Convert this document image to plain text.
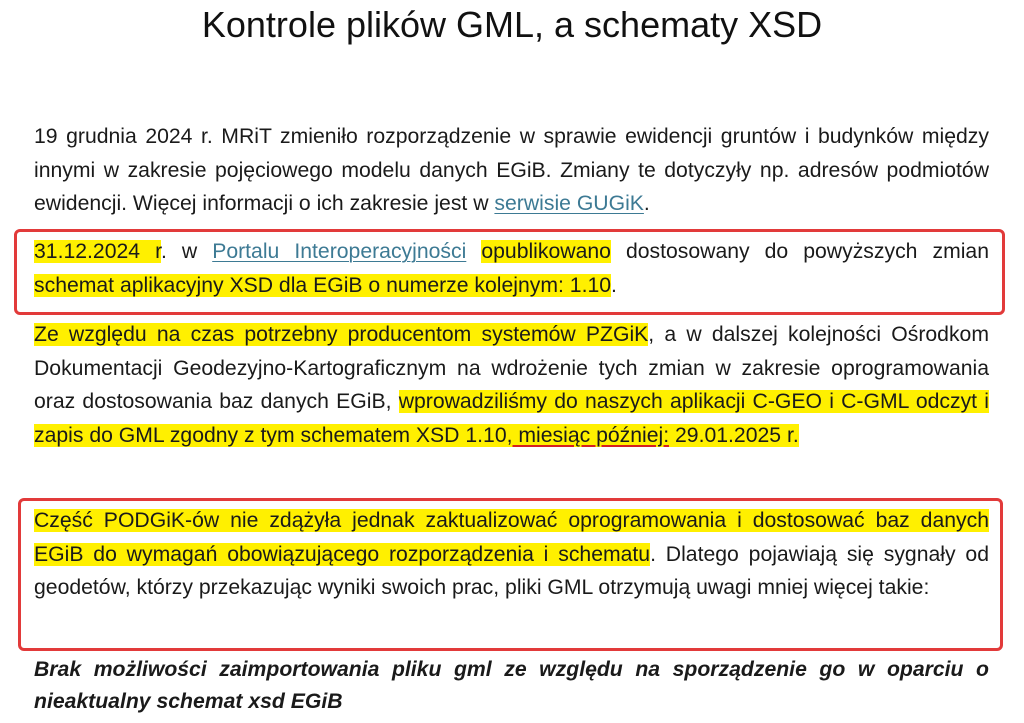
Kontrole plików GML, a schematy XSD

19 grudnia 2024 r. MRiT zmieniło rozporządzenie w sprawie ewidencji gruntów i budynków między innymi w zakresie pojęciowego modelu danych EGiB. Zmiany te dotyczyły np. adresów podmiotów ewidencji. Więcej informacji o ich zakresie jest w serwisie GUGiK.

31.12.2024 r. w Portalu Interoperacyjności opublikowano dostosowany do powyższych zmian schemat aplikacyjny XSD dla EGiB o numerze kolejnym: 1.10.

Ze względu na czas potrzebny producentom systemów PZGiK, a w dalszej kolejności Ośrodkom Dokumentacji Geodezyjno-Kartograficznym na wdrożenie tych zmian w zakresie oprogramowania oraz dostosowania baz danych EGiB, wprowadziliśmy do naszych aplikacji C-GEO i C-GML odczyt i zapis do GML zgodny z tym schematem XSD 1.10, miesiąc później: 29.01.2025 r.

Część PODGiK-ów nie zdążyła jednak zaktualizować oprogramowania i dostosować baz danych EGiB do wymagań obowiązującego rozporządzenia i schematu. Dlatego pojawiają się sygnały od geodetów, którzy przekazując wyniki swoich prac, pliki GML otrzymują uwagi mniej więcej takie:

Brak możliwości zaimportowania pliku gml ze względu na sporządzenie go w oparciu o nieaktualny schemat xsd EGiB
